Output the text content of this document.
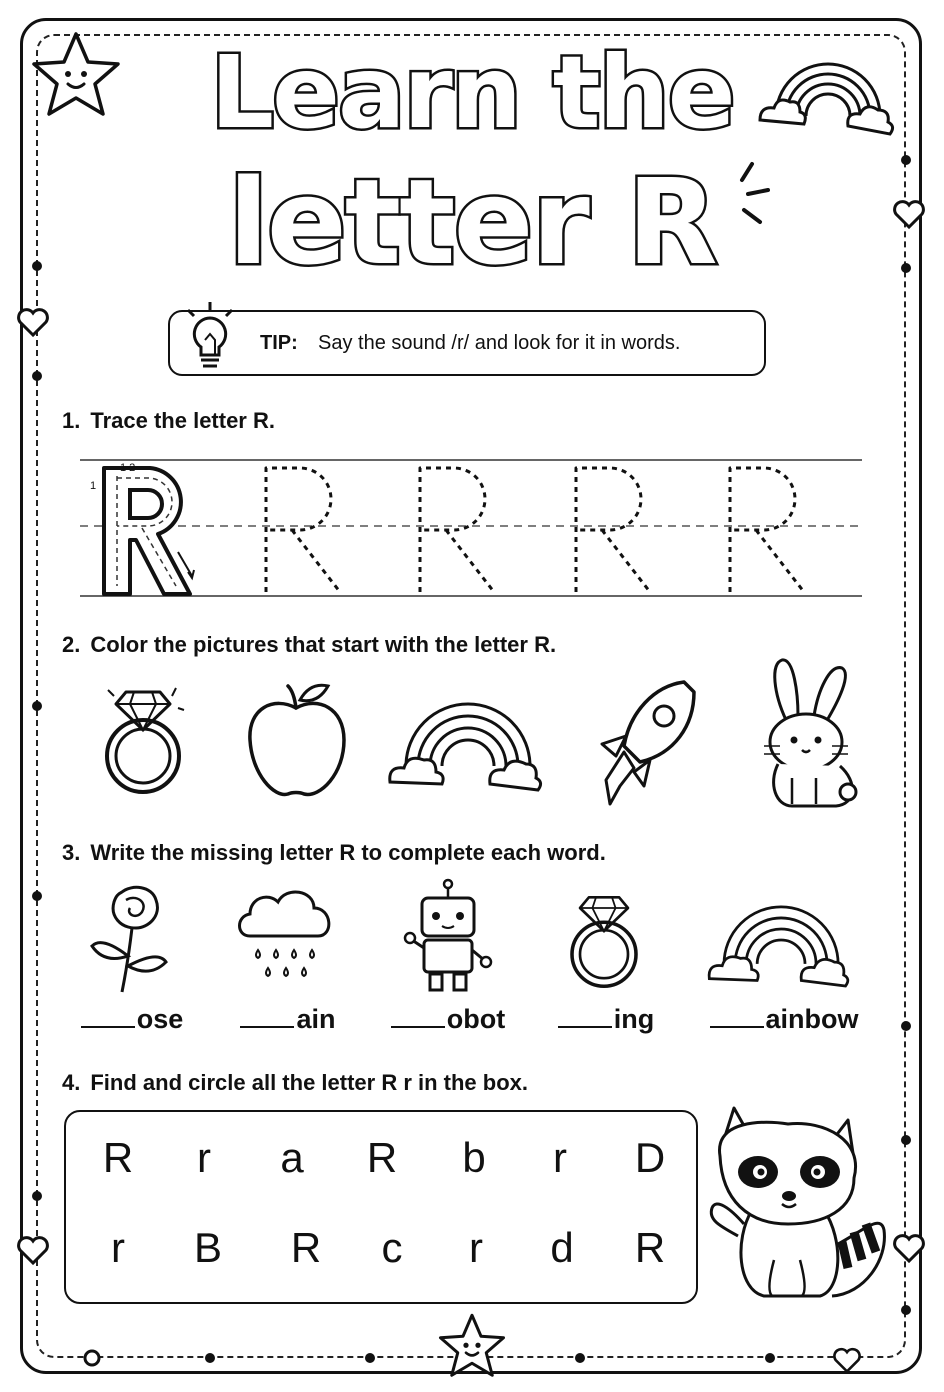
Learn the
letter R
TIP: Say the sound /r/ and look for it in words.
1. Trace the letter R.
1
1 2
2. Color the pictures that start with the letter R.
3. Write the missing letter R to complete each word.
ose	ain	obot	ing	ainbow
4. Find and circle all the letter R r in the box.
R	r	a	R	b	r	D
r	B	R	c	r	d	R
